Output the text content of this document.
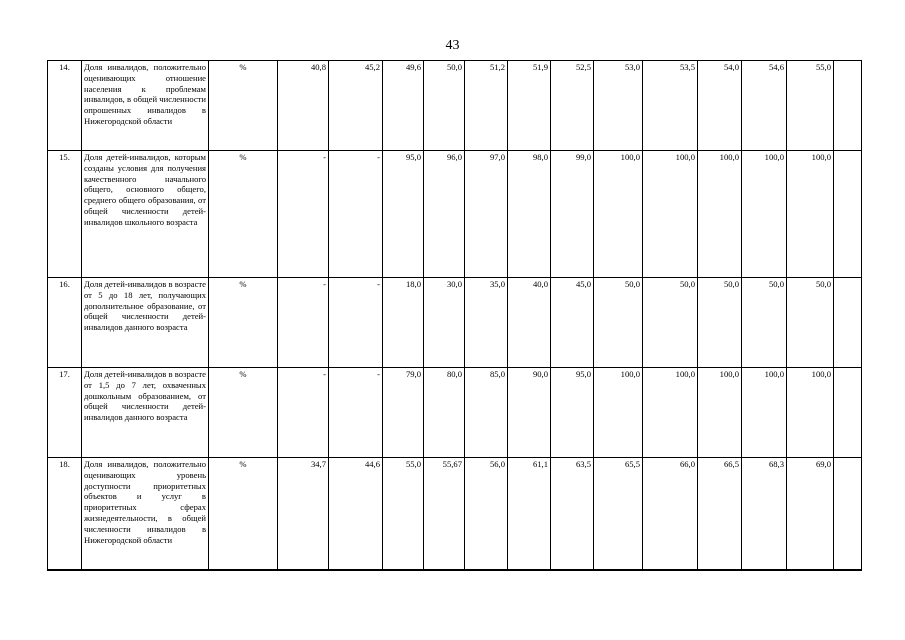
43
14.	Доля инвалидов, положительно оценивающих отношение населения к проблемам инвалидов, в общей численности опрошенных инвалидов в Нижегородской области	%	40,8	45,2	49,6	50,0	51,2	51,9	52,5	53,0	53,5	54,0	54,6	55,0	
15.	Доля детей-инвалидов, которым созданы условия для получения качественного начального общего, основного общего, среднего общего образования, от общей численности детей-инвалидов школьного возраста	%	-	-	95,0	96,0	97,0	98,0	99,0	100,0	100,0	100,0	100,0	100,0	
16.	Доля детей-инвалидов в возрасте от 5 до 18 лет, получающих дополнительное образование, от общей численности детей-инвалидов данного возраста	%	-	-	18,0	30,0	35,0	40,0	45,0	50,0	50,0	50,0	50,0	50,0	
17.	Доля детей-инвалидов в возрасте от 1,5 до 7 лет, охваченных дошкольным образованием, от общей численности детей-инвалидов данного возраста	%	-	-	79,0	80,0	85,0	90,0	95,0	100,0	100,0	100,0	100,0	100,0	
18.	Доля инвалидов, положительно оценивающих уровень доступности приоритетных объектов и услуг в приоритетных сферах жизнедеятельности, в общей численности инвалидов в Нижегородской области	%	34,7	44,6	55,0	55,67	56,0	61,1	63,5	65,5	66,0	66,5	68,3	69,0	
